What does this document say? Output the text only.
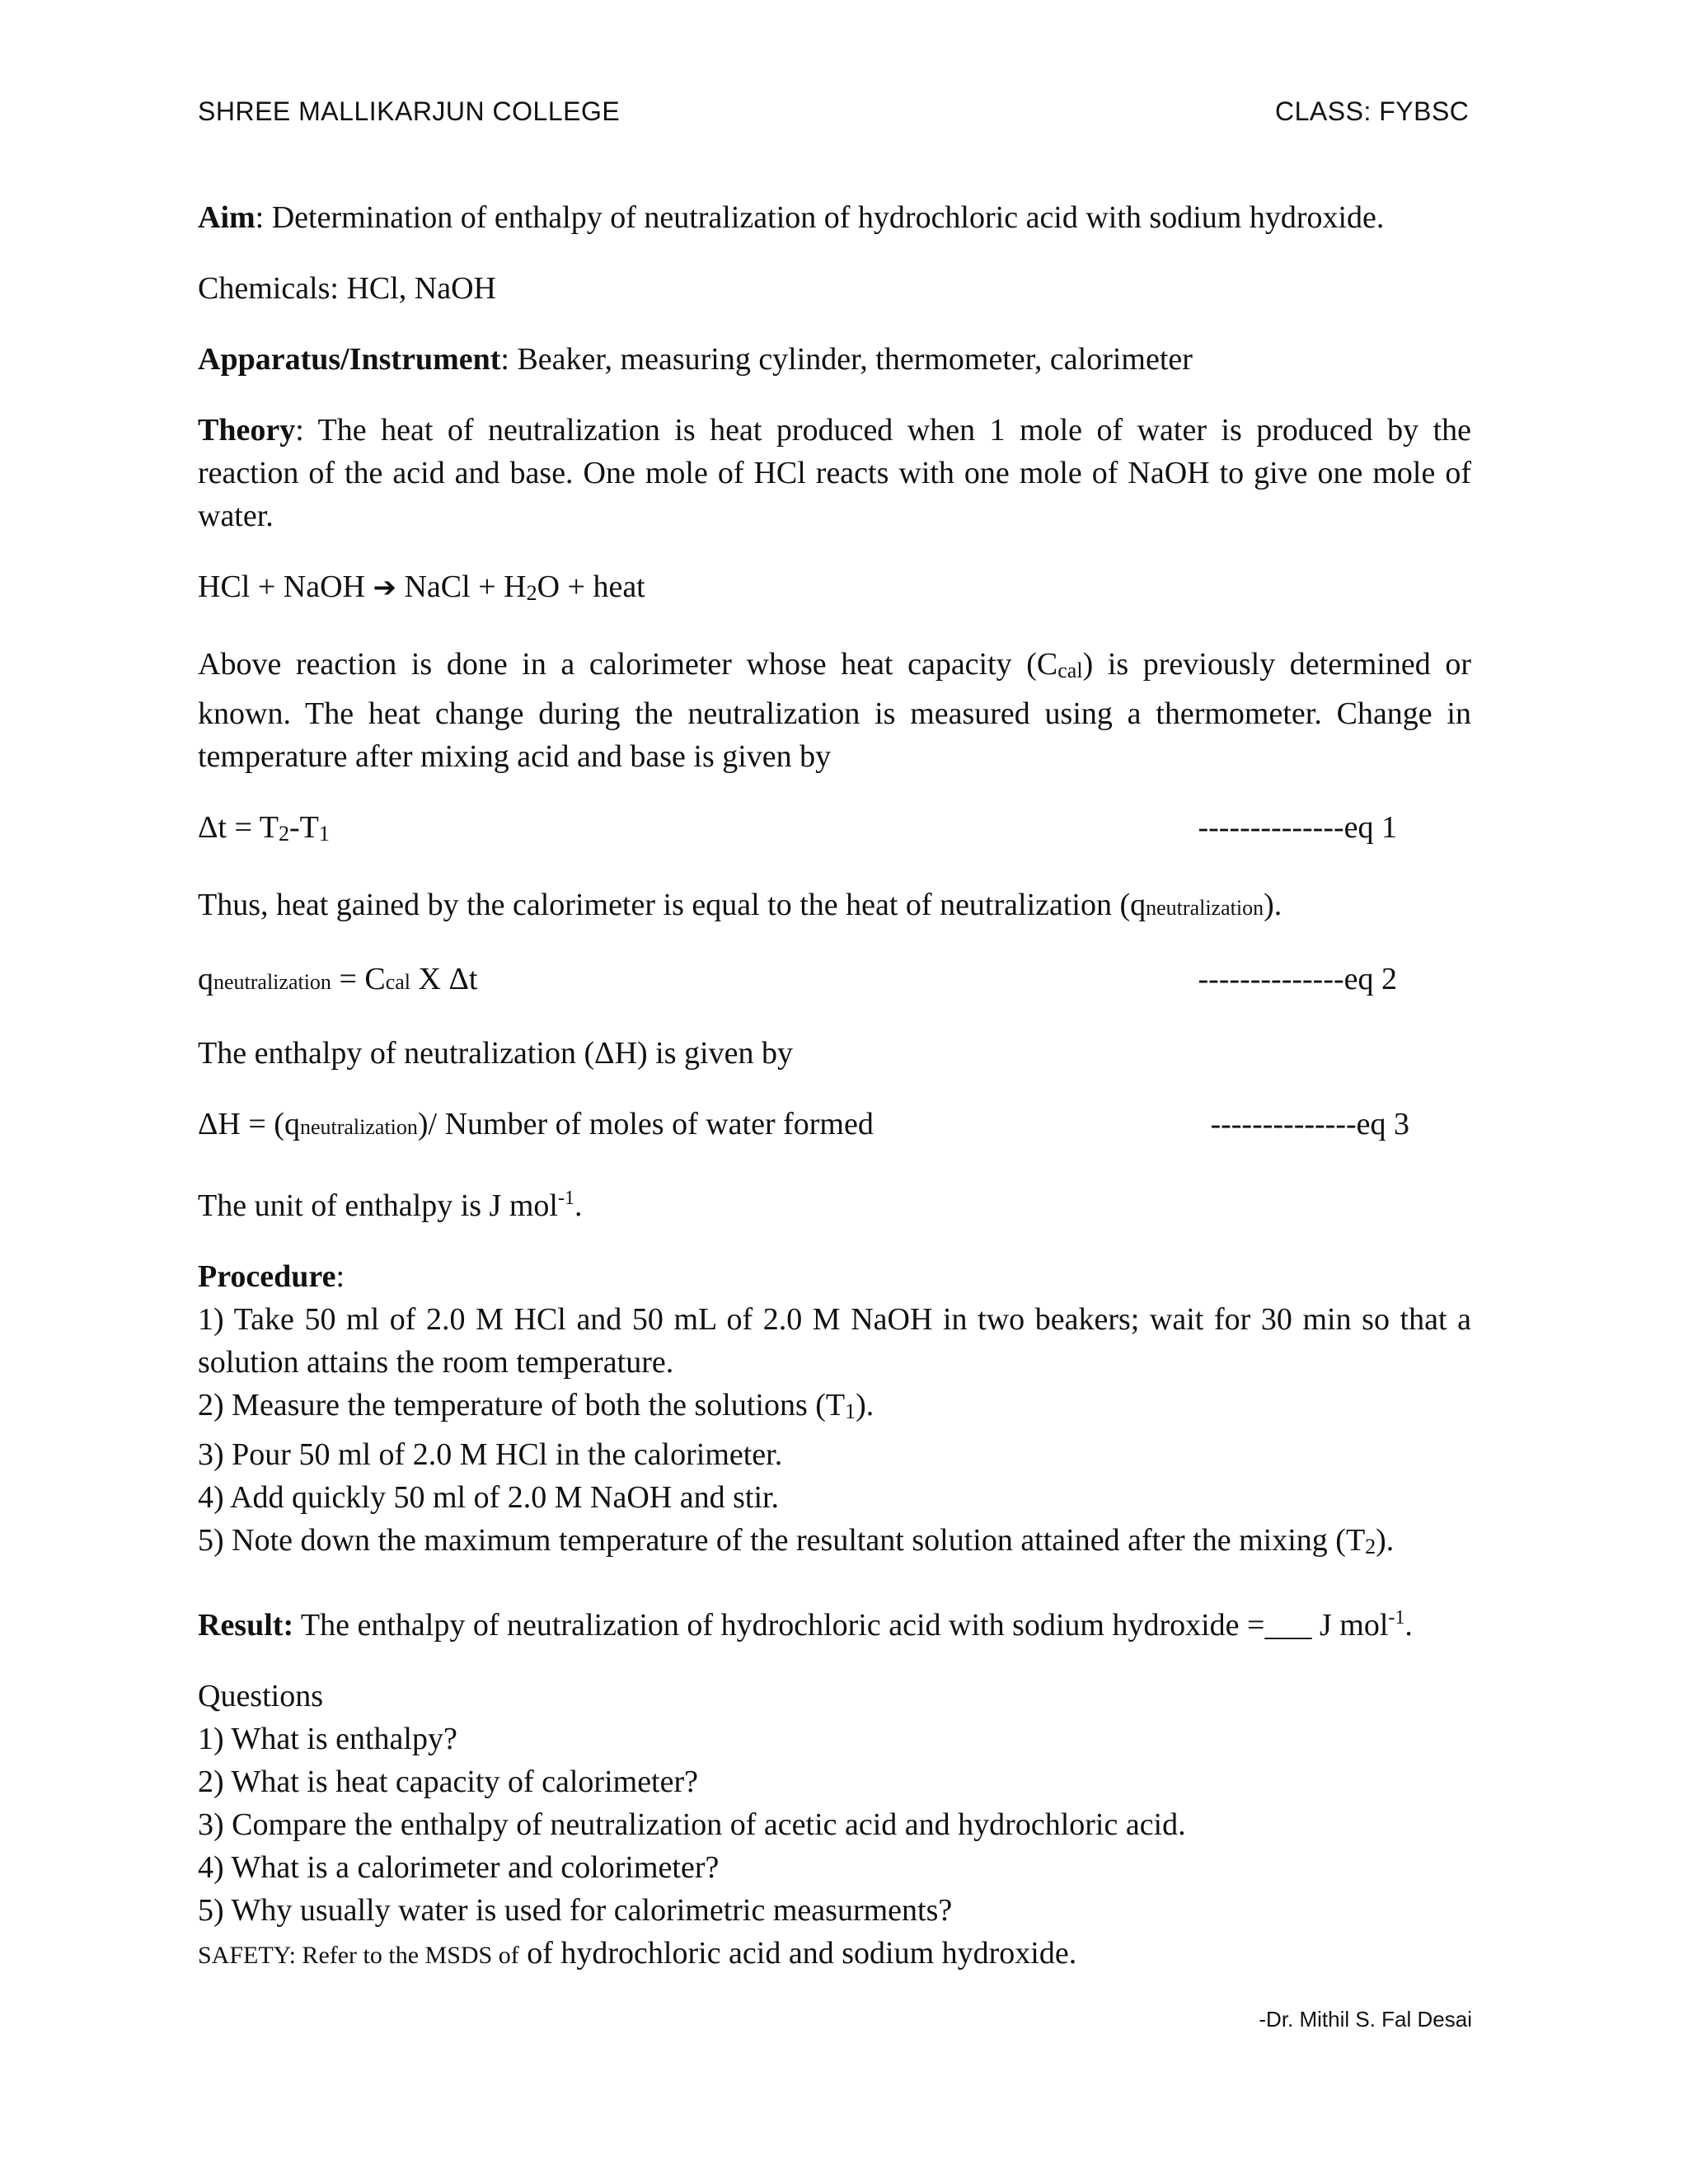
SHREE MALLIKARJUN COLLEGE	CLASS: FYBSC

Aim: Determination of enthalpy of neutralization of hydrochloric acid with sodium hydroxide.

Chemicals: HCl, NaOH

Apparatus/Instrument: Beaker, measuring cylinder, thermometer, calorimeter

Theory: The heat of neutralization is heat produced when 1 mole of water is produced by the reaction of the acid and base. One mole of HCl reacts with one mole of NaOH to give one mole of water.

HCl + NaOH ➔ NaCl + H2O + heat

Above reaction is done in a calorimeter whose heat capacity (Ccal) is previously determined or known. The heat change during the neutralization is measured using a thermometer. Change in temperature after mixing acid and base is given by

Δt = T2-T1	--------------eq 1

Thus, heat gained by the calorimeter is equal to the heat of neutralization (qneutralization).

qneutralization = Ccal X Δt	--------------eq 2

The enthalpy of neutralization (ΔH) is given by

ΔH = (qneutralization)/ Number of moles of water formed	--------------eq 3

The unit of enthalpy is J mol$^{-1}$.

Procedure:
1) Take 50 ml of 2.0 M HCl and 50 mL of 2.0 M NaOH in two beakers; wait for 30 min so that a solution attains the room temperature.
2) Measure the temperature of both the solutions (T1).
3) Pour 50 ml of 2.0 M HCl in the calorimeter.
4) Add quickly 50 ml of 2.0 M NaOH and stir.
5) Note down the maximum temperature of the resultant solution attained after the mixing (T2).

Result: The enthalpy of neutralization of hydrochloric acid with sodium hydroxide =___ J mol$^{-1}$.

Questions
1) What is enthalpy?
2) What is heat capacity of calorimeter?
3) Compare the enthalpy of neutralization of acetic acid and hydrochloric acid.
4) What is a calorimeter and colorimeter?
5) Why usually water is used for calorimetric measurments?
SAFETY: Refer to the MSDS of of hydrochloric acid and sodium hydroxide.
-Dr. Mithil S. Fal Desai
